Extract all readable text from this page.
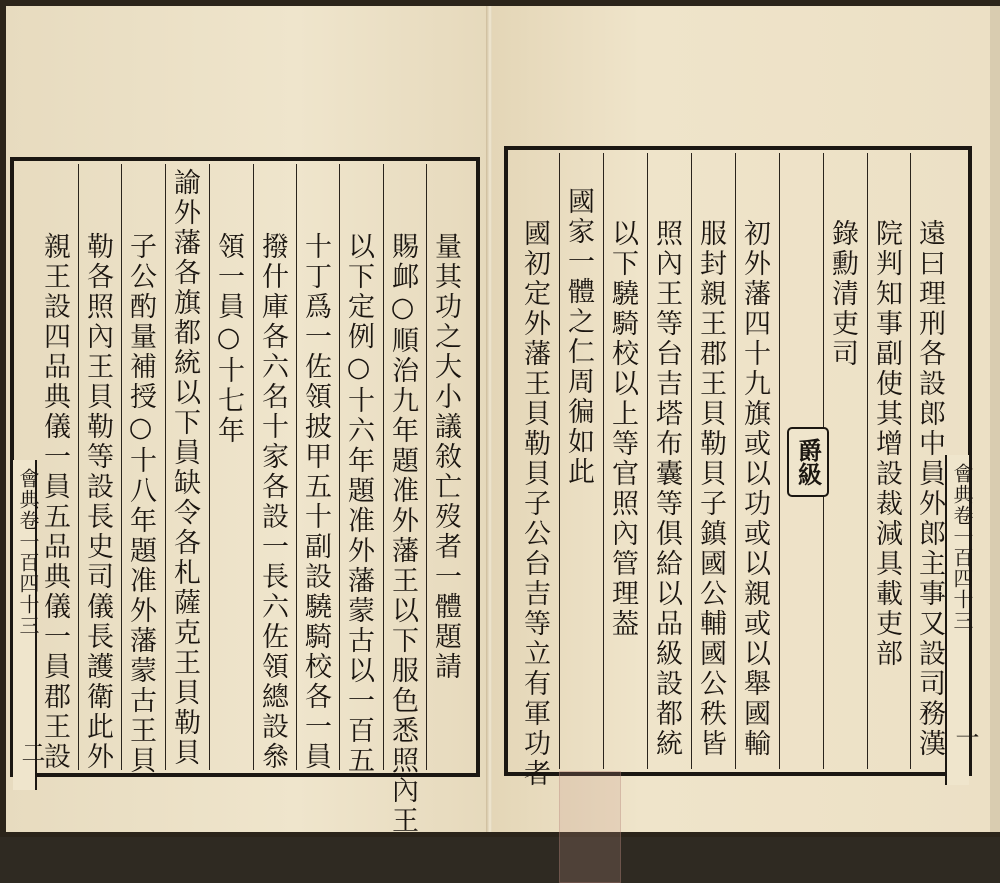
會典卷一百四十三
二
量其功之大小議敘亡歿者一體題請
賜䘏○順治九年題准外藩王以下服色悉照內王
以下定例○十六年題准外藩蒙古以一百五
十丁爲一佐領披甲五十副設驍騎校各一員
撥什庫各六名十家各設一長六佐領總設叅
領一員○十七年
諭外藩各旗都統以下員缺令各札薩克王貝勒貝
子公酌量補授○十八年題准外藩蒙古王貝
勒各照內王貝勒等設長史司儀長護衛此外
親王設四品典儀一員五品典儀一員郡王設	會典卷一百四十三
一
遠曰理刑各設郎中員外郎主事又設司務漢
院判知事副使其增設裁減具載吏部
錄勳清吏司
爵級
初外藩四十九旗或以功或以親或以舉國輸
服封親王郡王貝勒貝子鎮國公輔國公秩皆
照內王等台吉塔布囊等俱給以品級設都統
以下驍騎校以上等官照內管理葢
國家一體之仁周徧如此
國初定外藩王貝勒貝子公台吉等立有軍功者
